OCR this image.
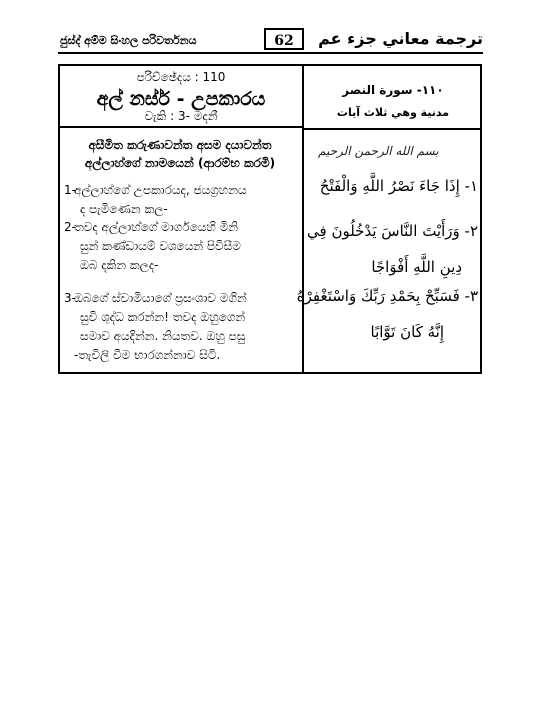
ජුස්ද් අම්ම සිංහල පරිවර්තනය	62	ترجمة معاني جزء عم
පරිච්ඡේදය : 110
අල් නස්ර් - උපකාරය
වැකි : 3- මදනී
١١٠- سورة النصر
مدنية وهي ثلاث آيات
අසීමිත කරුණාවන්ත අසම දයාවන්ත
අල්ලාහ්ගේ නාමයෙන් (ආරම්භ කරමි)
1-
අල්ලාහ්ගේ උපකාරයද, ජයග්‍රහනය
ද පැමිණෙන කල-
2-
තවද අල්ලාහ්ගේ මාර්ගයෙහි මිනි
සුන් කණ්ඩායම් වශයෙන් පිවිසීම
ඔබ දකින කලද-
3-
ඔබගේ ස්වාමියාගේ ප්‍රසංශාව මගින්
සුවි ශුද්ධ කරන්න! තවද ඔහුගෙන්
සමාව අයදින්න. නියතව. ඔහු පසු
-තැවිලි වීම භාරගන්නාව සිටි.
بسم الله الرحمن الرحيم
١- إِذَا جَاءَ نَصْرُ اللَّهِ وَالْفَتْحُ
٢- وَرَأَيْتَ النَّاسَ يَدْخُلُونَ فِي
دِينِ اللَّهِ أَفْوَاجًا
٣- فَسَبِّحْ بِحَمْدِ رَبِّكَ وَاسْتَغْفِرْهُ
إِنَّهُ كَانَ تَوَّابًا
